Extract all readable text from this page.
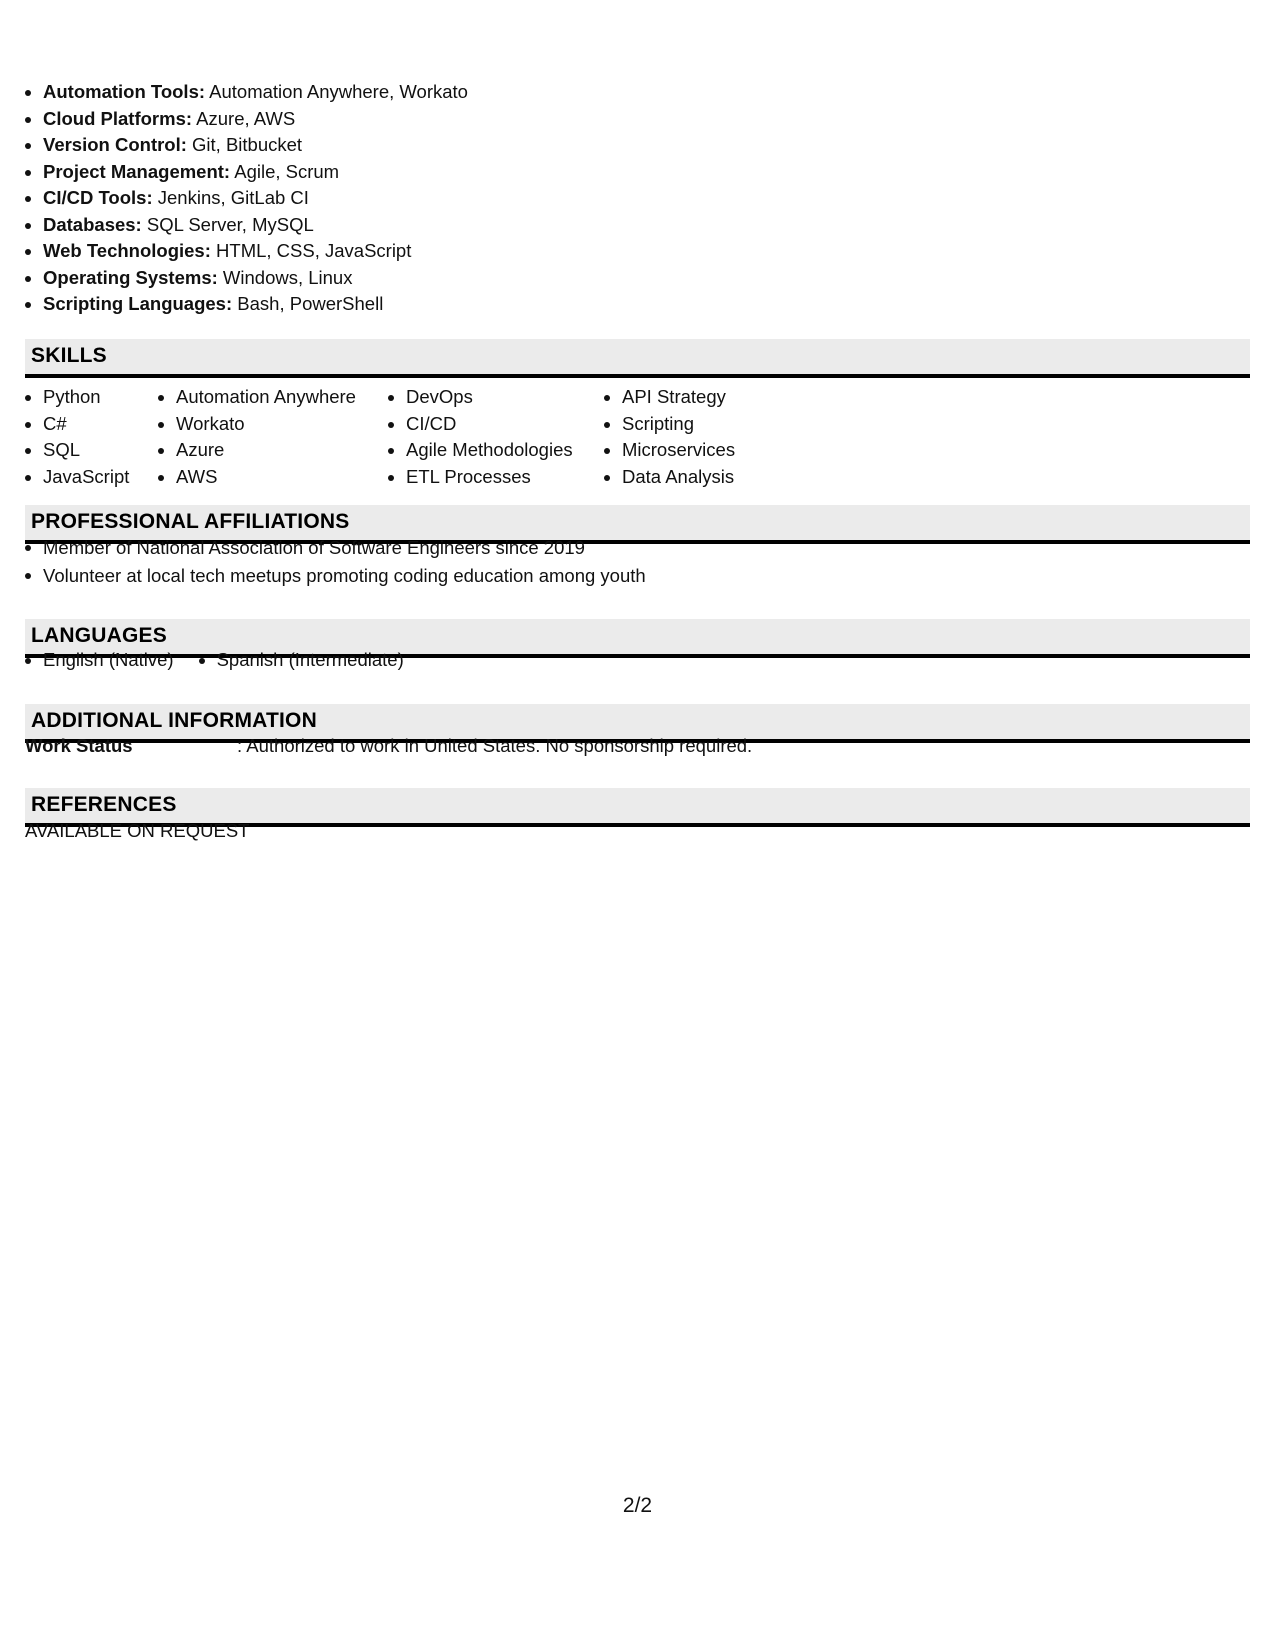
Automation Tools: Automation Anywhere, Workato
Cloud Platforms: Azure, AWS
Version Control: Git, Bitbucket
Project Management: Agile, Scrum
CI/CD Tools: Jenkins, GitLab CI
Databases: SQL Server, MySQL
Web Technologies: HTML, CSS, JavaScript
Operating Systems: Windows, Linux
Scripting Languages: Bash, PowerShell
SKILLS
Python
C#
SQL
JavaScript
Automation Anywhere
Workato
Azure
AWS
DevOps
CI/CD
Agile Methodologies
ETL Processes
API Strategy
Scripting
Microservices
Data Analysis
PROFESSIONAL AFFILIATIONS
Member of National Association of Software Engineers since 2019
Volunteer at local tech meetups promoting coding education among youth
LANGUAGES
English (Native)	Spanish (Intermediate)
ADDITIONAL INFORMATION
Work Status	: Authorized to work in United States. No sponsorship required.
REFERENCES
AVAILABLE ON REQUEST
2/2
